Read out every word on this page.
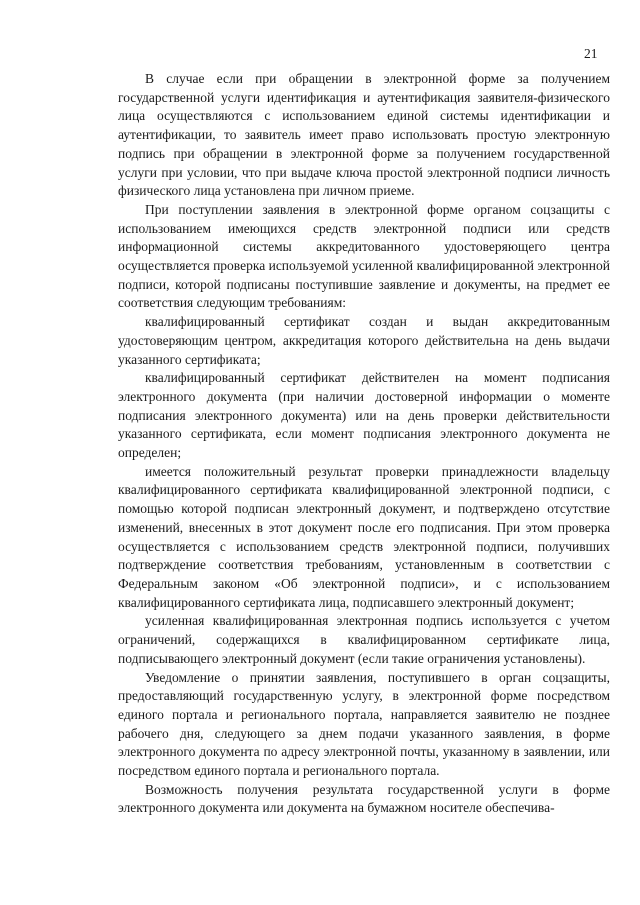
21

В случае если при обращении в электронной форме за получением государственной услуги идентификация и аутентификация заявителя-физического лица осуществляются с использованием единой системы идентификации и аутентификации, то заявитель имеет право использовать простую электронную подпись при обращении в электронной форме за получением государственной услуги при условии, что при выдаче ключа простой электронной подписи личность физического лица установлена при личном приеме.

При поступлении заявления в электронной форме органом соцзащиты с использованием имеющихся средств электронной подписи или средств информационной системы аккредитованного удостоверяющего центра осуществляется проверка используемой усиленной квалифицированной электронной подписи, которой подписаны поступившие заявление и документы, на предмет ее соответствия следующим требованиям:

квалифицированный сертификат создан и выдан аккредитованным удостоверяющим центром, аккредитация которого действительна на день выдачи указанного сертификата;

квалифицированный сертификат действителен на момент подписания электронного документа (при наличии достоверной информации о моменте подписания электронного документа) или на день проверки действительности указанного сертификата, если момент подписания электронного документа не определен;

имеется положительный результат проверки принадлежности владельцу квалифицированного сертификата квалифицированной электронной подписи, с помощью которой подписан электронный документ, и подтверждено отсутствие изменений, внесенных в этот документ после его подписания. При этом проверка осуществляется с использованием средств электронной подписи, получивших подтверждение соответствия требованиям, установленным в соответствии с Федеральным законом «Об электронной подписи», и с использованием квалифицированного сертификата лица, подписавшего электронный документ;

усиленная квалифицированная электронная подпись используется с учетом ограничений, содержащихся в квалифицированном сертификате лица, подписывающего электронный документ (если такие ограничения установлены).

Уведомление о принятии заявления, поступившего в орган соцзащиты, предоставляющий государственную услугу, в электронной форме посредством единого портала и регионального портала, направляется заявителю не позднее рабочего дня, следующего за днем подачи указанного заявления, в форме электронного документа по адресу электронной почты, указанному в заявлении, или посредством единого портала и регионального портала.

Возможность получения результата государственной услуги в форме электронного документа или документа на бумажном носителе обеспечива-
